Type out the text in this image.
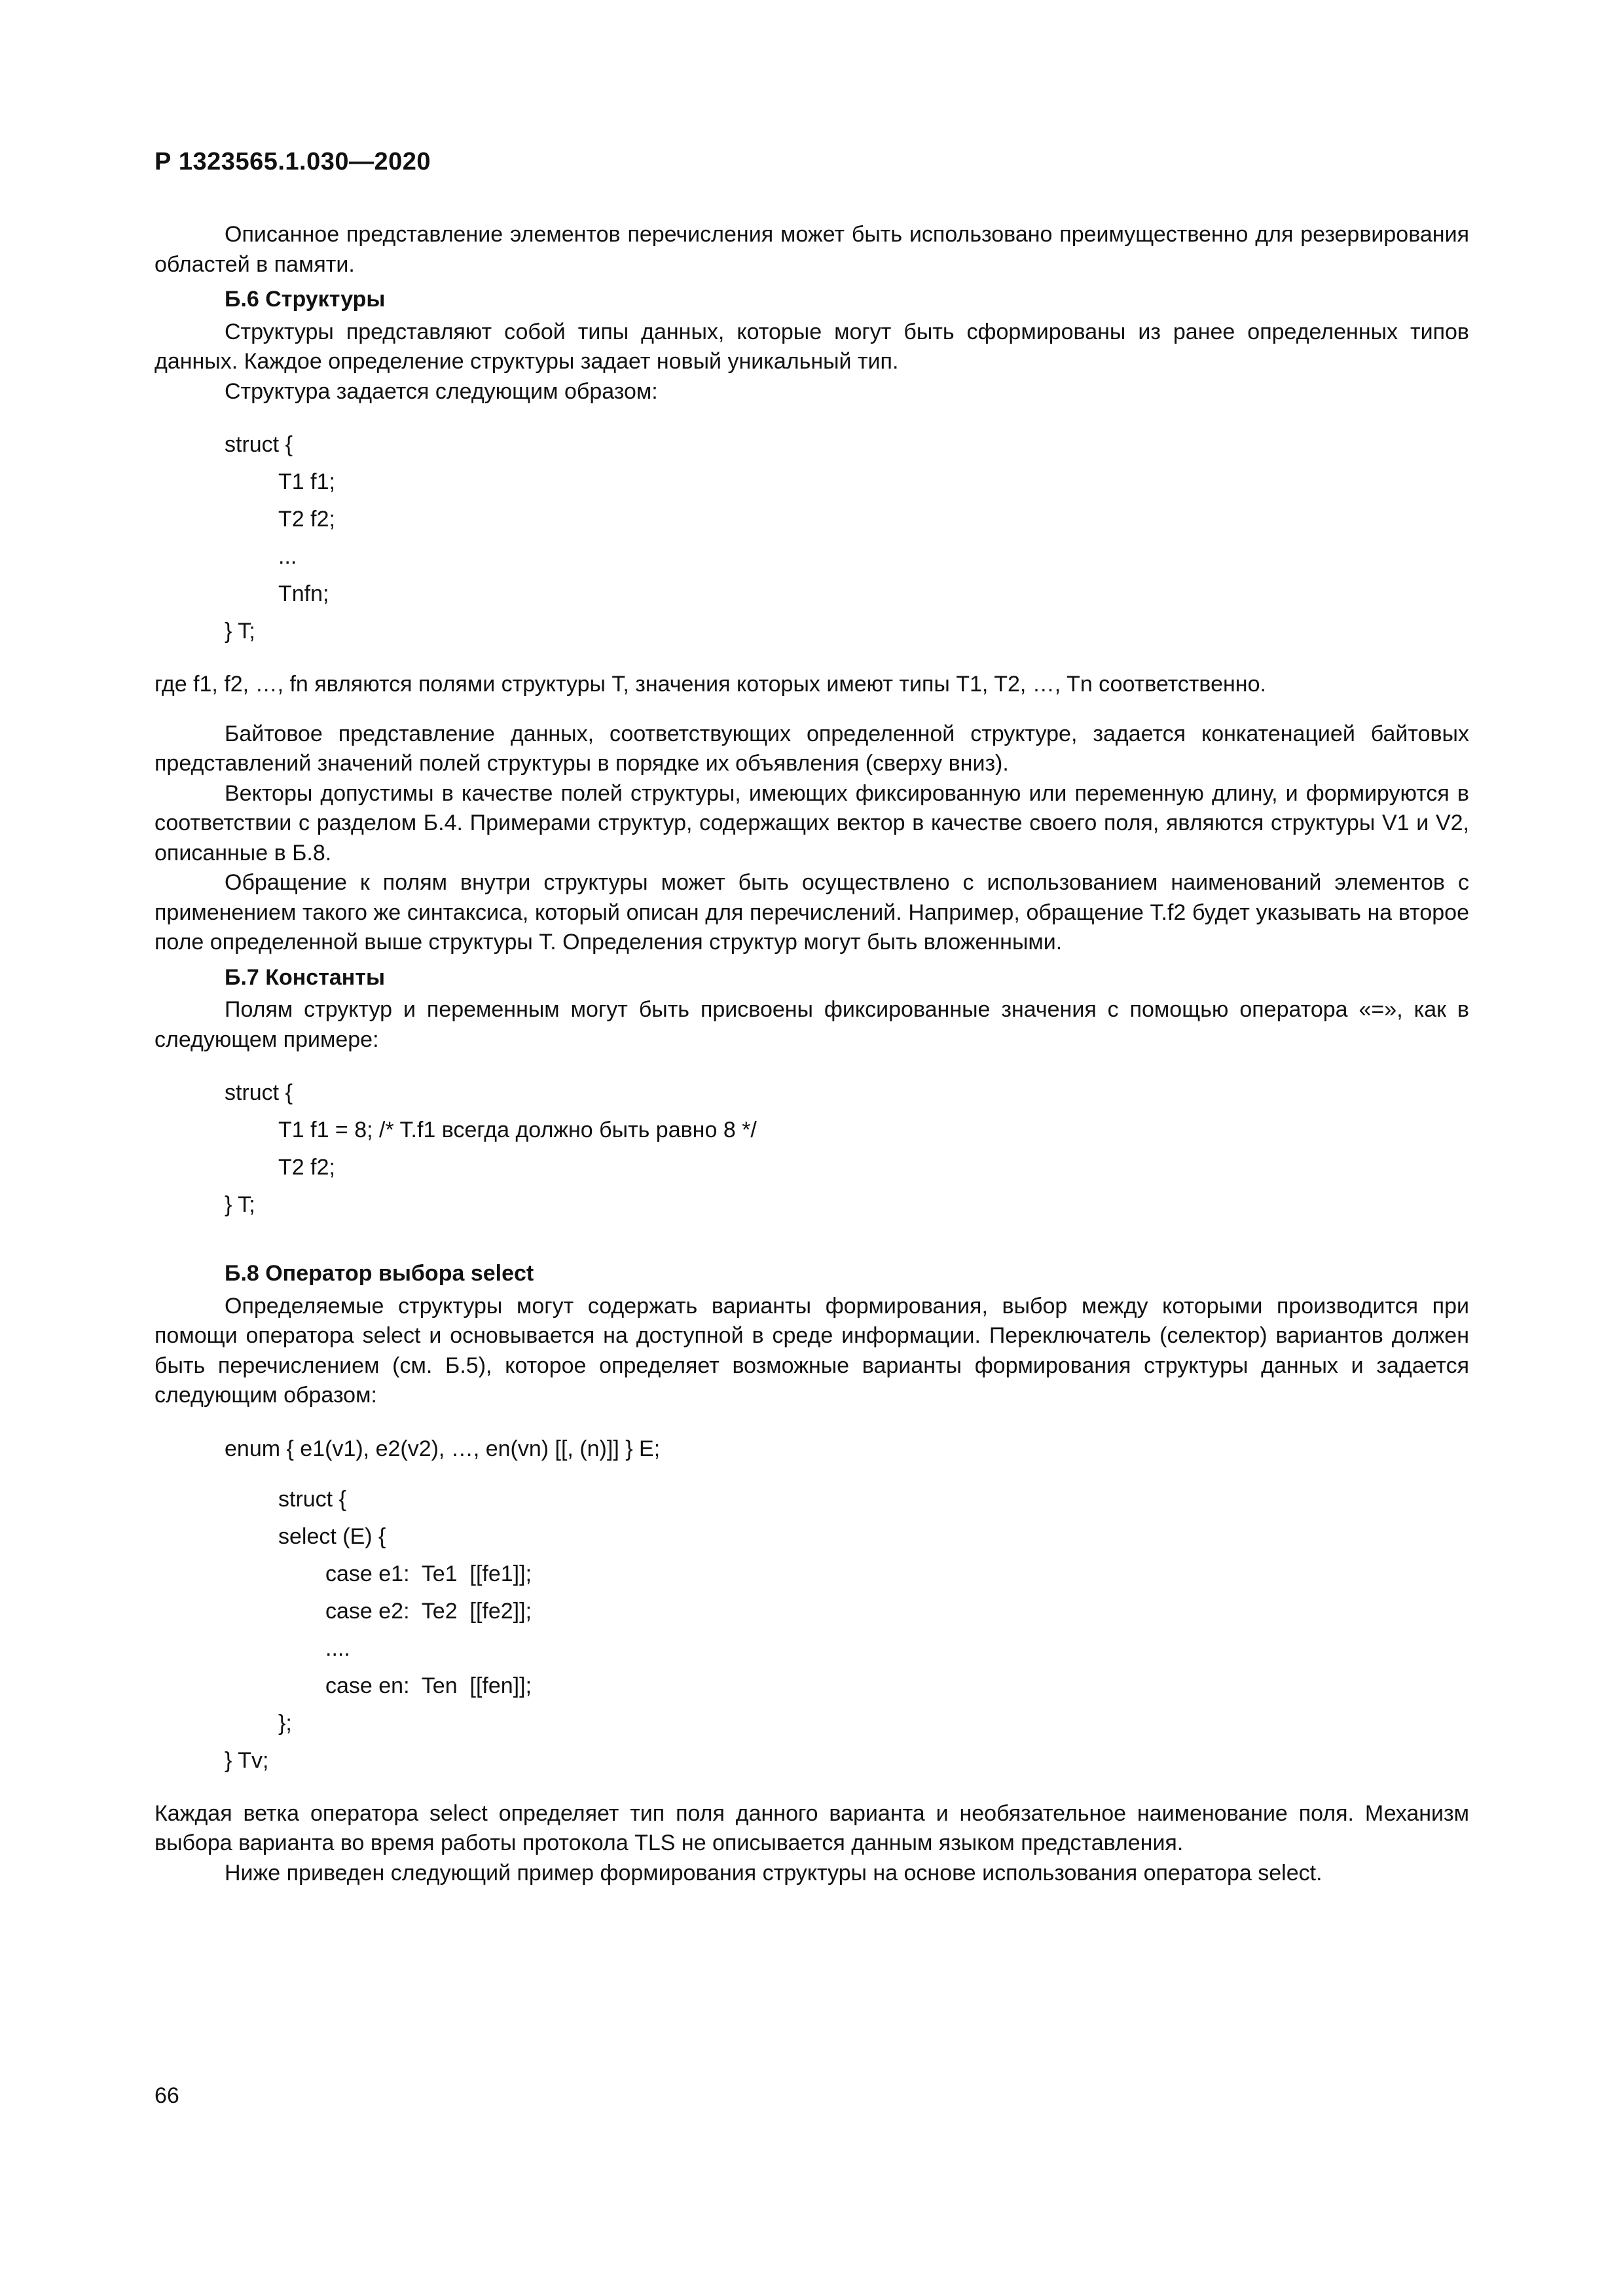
Р 1323565.1.030—2020

Описанное представление элементов перечисления может быть использовано преимущественно для резервирования областей в памяти.

Б.6 Структуры

Структуры представляют собой типы данных, которые могут быть сформированы из ранее определенных типов данных. Каждое определение структуры задает новый уникальный тип.

Структура задается следующим образом:

struct {
T1 f1;
T2 f2;
...
Tnfn;
} T;

где f1, f2, …, fn являются полями структуры T, значения которых имеют типы T1, T2, …, Tn соответственно.

Байтовое представление данных, соответствующих определенной структуре, задается конкатенацией байтовых представлений значений полей структуры в порядке их объявления (сверху вниз).

Векторы допустимы в качестве полей структуры, имеющих фиксированную или переменную длину, и формируются в соответствии с разделом Б.4. Примерами структур, содержащих вектор в качестве своего поля, являются структуры V1 и V2, описанные в Б.8.

Обращение к полям внутри структуры может быть осуществлено с использованием наименований элементов с применением такого же синтаксиса, который описан для перечислений. Например, обращение T.f2 будет указывать на второе поле определенной выше структуры T. Определения структур могут быть вложенными.

Б.7 Константы

Полям структур и переменным могут быть присвоены фиксированные значения с помощью оператора «=», как в следующем примере:

struct {
T1 f1 = 8; /* T.f1 всегда должно быть равно 8 */
T2 f2;
} T;
Б.8 Оператор выбора select

Определяемые структуры могут содержать варианты формирования, выбор между которыми производится при помощи оператора select и основывается на доступной в среде информации. Переключатель (селектор) вариантов должен быть перечислением (см. Б.5), которое определяет возможные варианты формирования структуры данных и задается следующим образом:

enum { e1(v1), e2(v2), …, en(vn) [[, (n)]] } E;
struct {
select (E) {
case e1:  Te1  [[fe1]];
case e2:  Te2  [[fe2]];
....
case en:  Ten  [[fen]];
};
} Tv;

Каждая ветка оператора select определяет тип поля данного варианта и необязательное наименование поля. Механизм выбора варианта во время работы протокола TLS не описывается данным языком представления.

Ниже приведен следующий пример формирования структуры на основе использования оператора select.

66
